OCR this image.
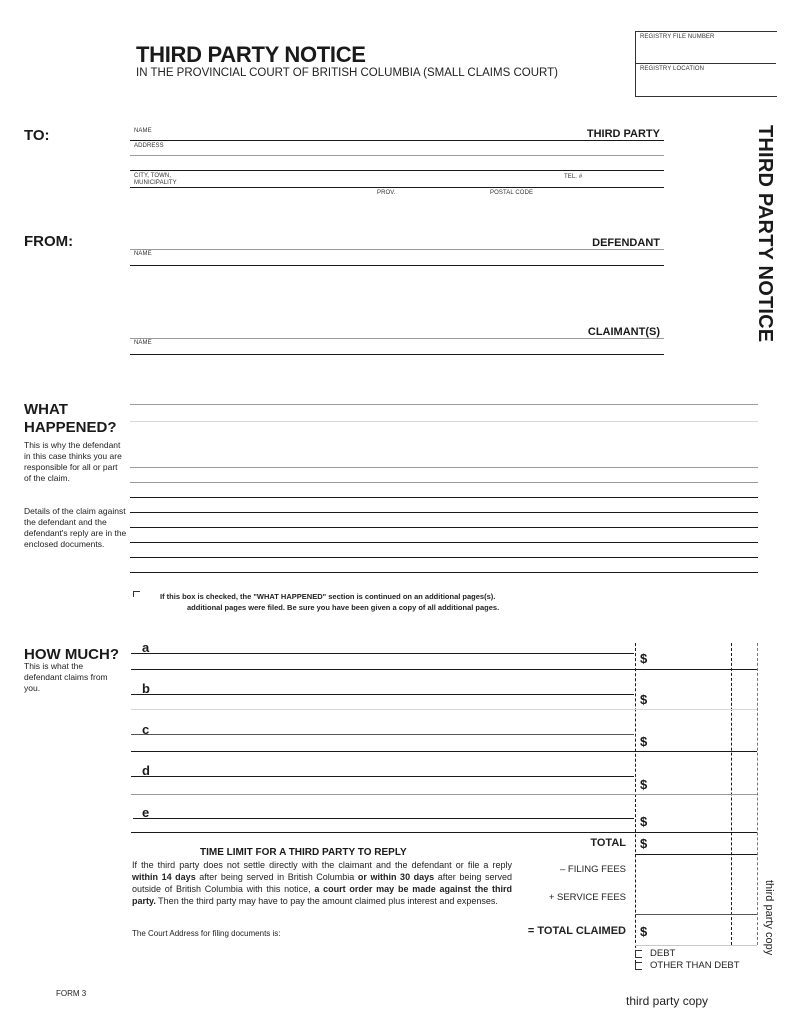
THIRD PARTY NOTICE
IN THE PROVINCIAL COURT OF BRITISH COLUMBIA (SMALL CLAIMS COURT)
REGISTRY FILE NUMBER
REGISTRY LOCATION
THIRD PARTY NOTICE
TO:	THIRD PARTY
NAME
ADDRESS
CITY, TOWN,
MUNICIPALITY
TEL. #
PROV.	POSTAL CODE
FROM:	DEFENDANT
NAME
CLAIMANT(S)
NAME
WHAT
HAPPENED?
This is why the defendant in this case thinks you are responsible for all or part of the claim.
Details of the claim against the defendant and the defendant's reply are in the enclosed documents.
If this box is checked, the "WHAT HAPPENED" section is continued on an additional pages(s).
additional pages were filed. Be sure you have been given a copy of all additional pages.
HOW MUCH?
This is what the defendant claims from you.
a
$
b
$
c
$
d
$
e
$
TOTAL $
– FILING FEES
+ SERVICE FEES
= TOTAL CLAIMED $
DEBT
OTHER THAN DEBT
third party copy
TIME LIMIT FOR A THIRD PARTY TO REPLY
If the third party does not settle directly with the claimant and the defendant or file a reply within 14 days after being served in British Columbia or within 30 days after being served outside of British Columbia with this notice, a court order may be made against the third party. Then the third party may have to pay the amount claimed plus interest and expenses.
The Court Address for filing documents is:
FORM 3
third party copy
